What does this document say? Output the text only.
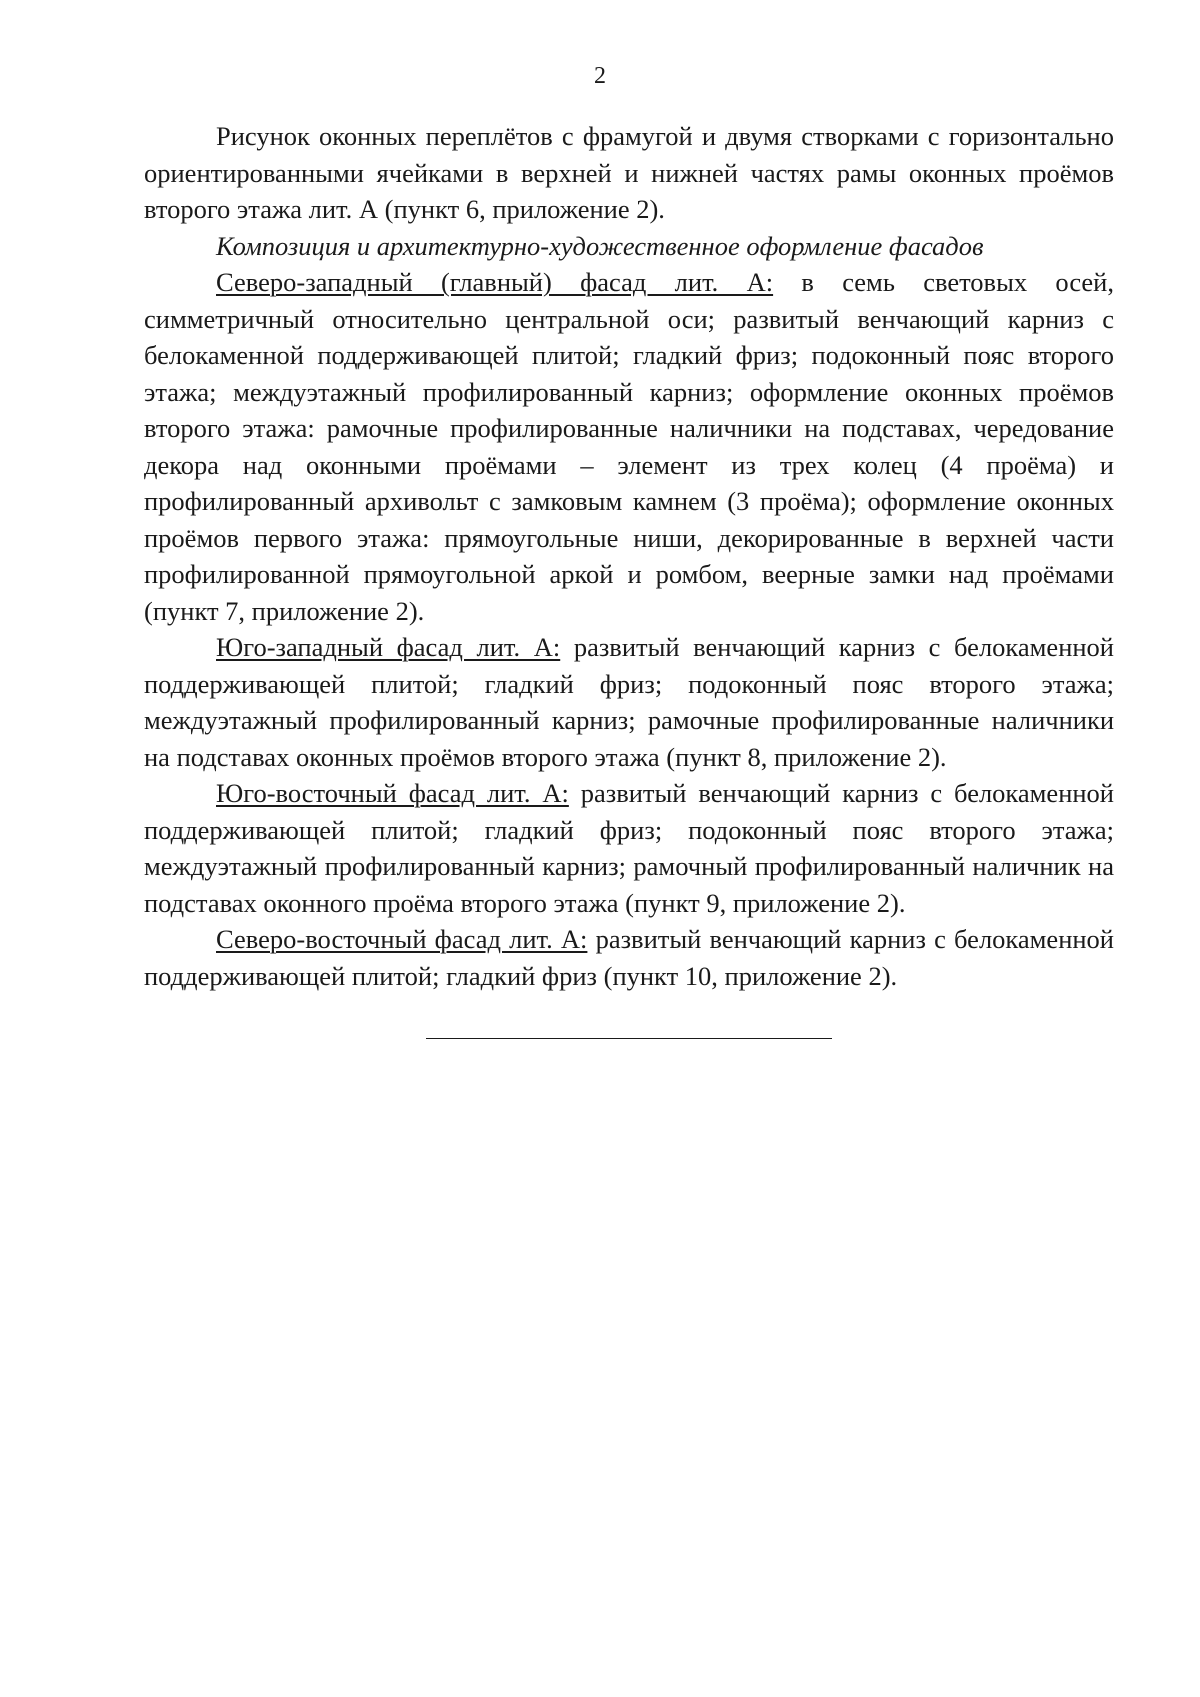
2

Рисунок оконных переплётов с фрамугой и двумя створками с горизонтально ориентированными ячейками в верхней и нижней частях рамы оконных проёмов второго этажа лит. А (пункт 6, приложение 2).

Композиция и архитектурно-художественное оформление фасадов

Северо-западный (главный) фасад лит. А: в семь световых осей, симметричный относительно центральной оси; развитый венчающий карниз с белокаменной поддерживающей плитой; гладкий фриз; подоконный пояс второго этажа; междуэтажный профилированный карниз; оформление оконных проёмов второго этажа: рамочные профилированные наличники на подставах, чередование декора над оконными проёмами – элемент из трех колец (4 проёма) и профилированный архивольт с замковым камнем (3 проёма); оформление оконных проёмов первого этажа: прямоугольные ниши, декорированные в верхней части профилированной прямоугольной аркой и ромбом, веерные замки над проёмами (пункт 7, приложение 2).

Юго-западный фасад лит. А: развитый венчающий карниз с белокаменной поддерживающей плитой; гладкий фриз; подоконный пояс второго этажа; междуэтажный профилированный карниз; рамочные профилированные наличники на подставах оконных проёмов второго этажа (пункт 8, приложение 2).

Юго-восточный фасад лит. А: развитый венчающий карниз с белокаменной поддерживающей плитой; гладкий фриз; подоконный пояс второго этажа; междуэтажный профилированный карниз; рамочный профилированный наличник на подставах оконного проёма второго этажа (пункт 9, приложение 2).

Северо-восточный фасад лит. А: развитый венчающий карниз с белокаменной поддерживающей плитой; гладкий фриз (пункт 10, приложение 2).
